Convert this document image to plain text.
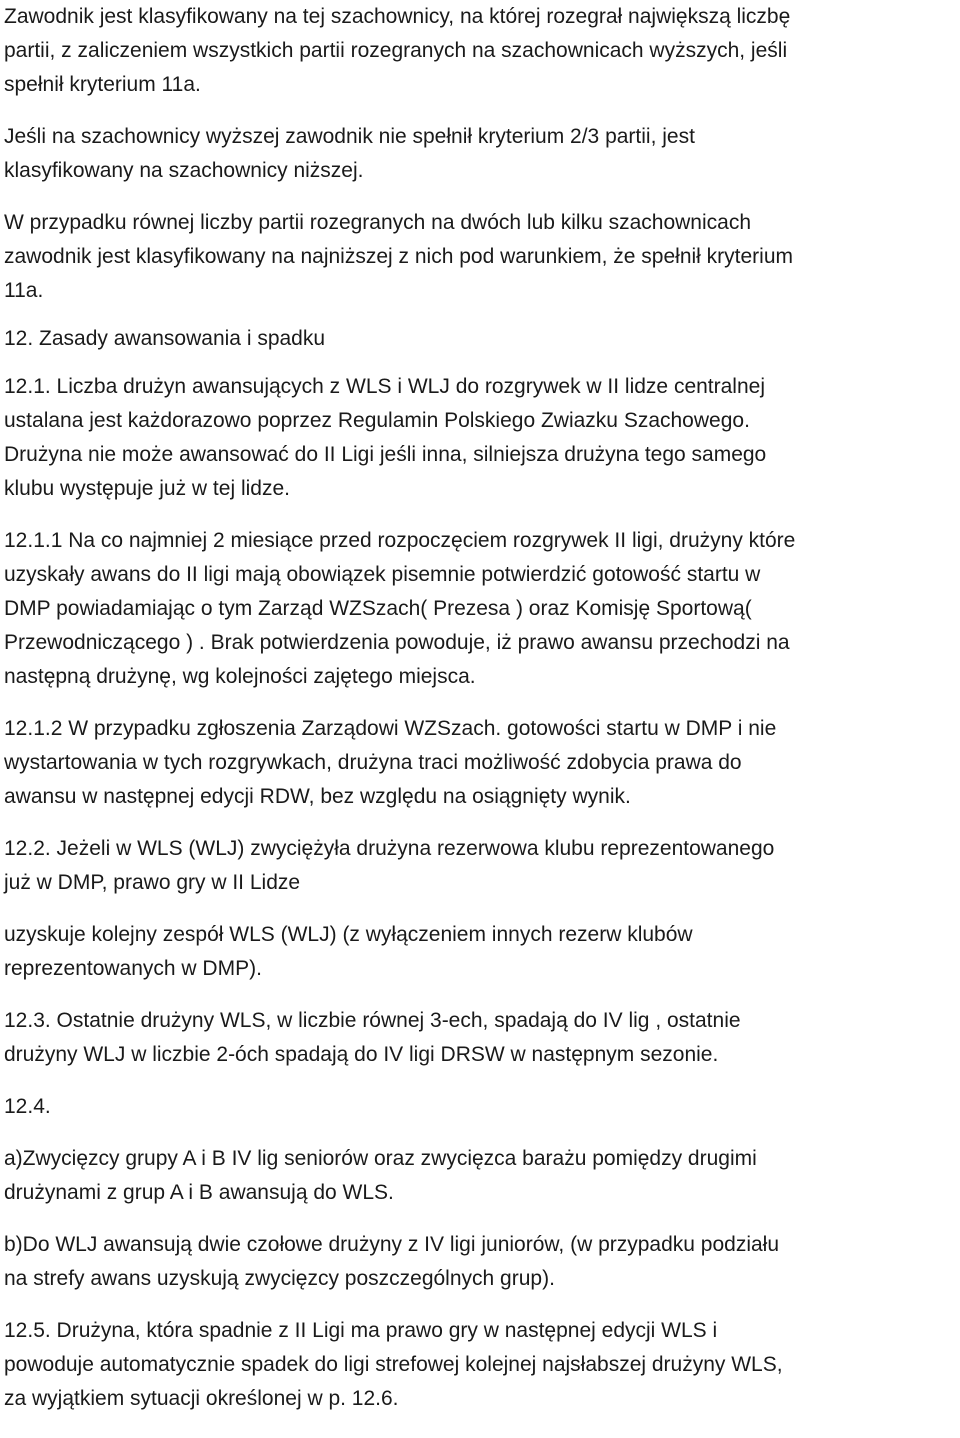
Zawodnik jest klasyfikowany na tej szachownicy, na której rozegrał największą liczbę
partii, z zaliczeniem wszystkich partii rozegranych na szachownicach wyższych, jeśli
spełnił kryterium 11a.

Jeśli na szachownicy wyższej zawodnik nie spełnił kryterium 2/3 partii, jest
klasyfikowany na szachownicy niższej.

W przypadku równej liczby partii rozegranych na dwóch lub kilku szachownicach
zawodnik jest klasyfikowany na najniższej z nich pod warunkiem, że spełnił kryterium
11a.

12. Zasady awansowania i spadku

12.1. Liczba drużyn awansujących z WLS i WLJ do rozgrywek w II lidze centralnej
ustalana jest każdorazowo poprzez Regulamin Polskiego Zwiazku Szachowego.
Drużyna nie może awansować do II Ligi jeśli inna, silniejsza drużyna tego samego
klubu występuje już w tej lidze.

12.1.1 Na co najmniej 2 miesiące przed rozpoczęciem rozgrywek II ligi, drużyny które
uzyskały awans do II ligi mają obowiązek pisemnie potwierdzić gotowość startu w
DMP powiadamiając o tym Zarząd WZSzach( Prezesa ) oraz Komisję Sportową(
Przewodniczącego ) . Brak potwierdzenia powoduje, iż prawo awansu przechodzi na
następną drużynę, wg kolejności zajętego miejsca.

12.1.2 W przypadku zgłoszenia Zarządowi WZSzach. gotowości startu w DMP i nie
wystartowania w tych rozgrywkach, drużyna traci możliwość zdobycia prawa do
awansu w następnej edycji RDW, bez względu na osiągnięty wynik.

12.2. Jeżeli w WLS (WLJ) zwyciężyła drużyna rezerwowa klubu reprezentowanego
już w DMP, prawo gry w II Lidze

uzyskuje kolejny zespół WLS (WLJ) (z wyłączeniem innych rezerw klubów
reprezentowanych w DMP).

12.3. Ostatnie drużyny WLS, w liczbie równej 3-ech, spadają do IV lig , ostatnie
drużyny WLJ w liczbie 2-óch spadają do IV ligi DRSW w następnym sezonie.

12.4.

a)Zwycięzcy grupy A i B IV lig seniorów oraz zwycięzca barażu pomiędzy drugimi
drużynami z grup A i B awansują do WLS.

b)Do WLJ awansują dwie czołowe drużyny z IV ligi juniorów, (w przypadku podziału
na strefy awans uzyskują zwycięzcy poszczególnych grup).

12.5. Drużyna, która spadnie z II Ligi ma prawo gry w następnej edycji WLS i
powoduje automatycznie spadek do ligi strefowej kolejnej najsłabszej drużyny WLS,
za wyjątkiem sytuacji określonej w p. 12.6.
